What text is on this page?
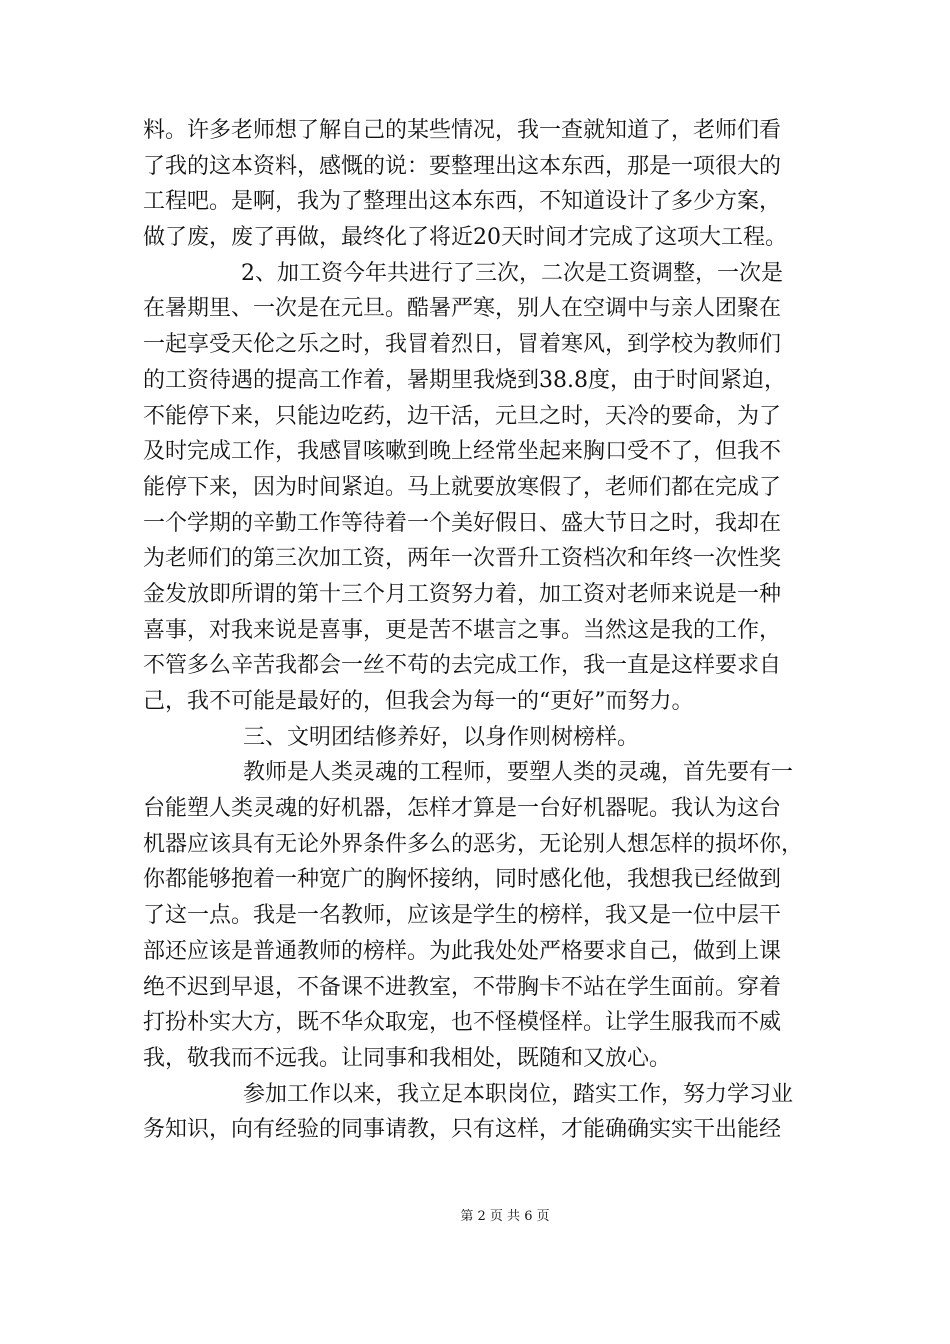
料。许多老师想了解自己的某些情况，我一查就知道了，老师们看
了我的这本资料，感慨的说：要整理出这本东西，那是一项很大的
工程吧。是啊，我为了整理出这本东西，不知道设计了多少方案，
做了废，废了再做，最终化了将近20天时间才完成了这项大工程。
2、加工资今年共进行了三次，二次是工资调整，一次是
在暑期里、一次是在元旦。酷暑严寒，别人在空调中与亲人团聚在
一起享受天伦之乐之时，我冒着烈日，冒着寒风，到学校为教师们
的工资待遇的提高工作着，暑期里我烧到38.8度，由于时间紧迫，
不能停下来，只能边吃药，边干活，元旦之时，天冷的要命，为了
及时完成工作，我感冒咳嗽到晚上经常坐起来胸口受不了，但我不
能停下来，因为时间紧迫。马上就要放寒假了，老师们都在完成了
一个学期的辛勤工作等待着一个美好假日、盛大节日之时，我却在
为老师们的第三次加工资，两年一次晋升工资档次和年终一次性奖
金发放即所谓的第十三个月工资努力着，加工资对老师来说是一种
喜事，对我来说是喜事，更是苦不堪言之事。当然这是我的工作，
不管多么辛苦我都会一丝不苟的去完成工作，我一直是这样要求自
己，我不可能是最好的，但我会为每一的“更好”而努力。
三、文明团结修养好，以身作则树榜样。
教师是人类灵魂的工程师，要塑人类的灵魂，首先要有一
台能塑人类灵魂的好机器，怎样才算是一台好机器呢。我认为这台
机器应该具有无论外界条件多么的恶劣，无论别人想怎样的损坏你，
你都能够抱着一种宽广的胸怀接纳，同时感化他，我想我已经做到
了这一点。我是一名教师，应该是学生的榜样，我又是一位中层干
部还应该是普通教师的榜样。为此我处处严格要求自己，做到上课
绝不迟到早退，不备课不进教室，不带胸卡不站在学生面前。穿着
打扮朴实大方，既不华众取宠，也不怪模怪样。让学生服我而不威
我，敬我而不远我。让同事和我相处，既随和又放心。
参加工作以来，我立足本职岗位，踏实工作，努力学习业
务知识，向有经验的同事请教，只有这样，才能确确实实干出能经
第 2 页 共 6 页
